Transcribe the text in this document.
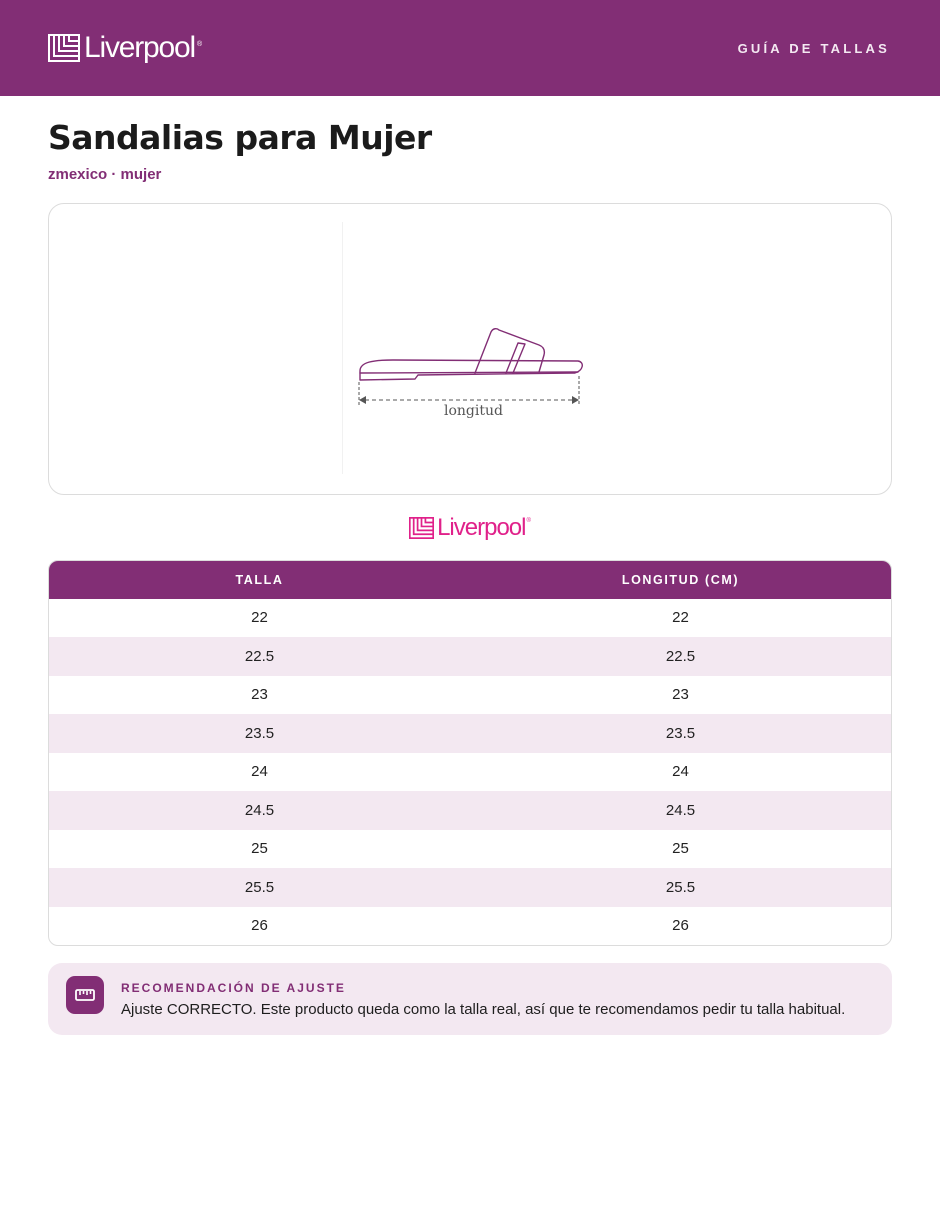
Liverpool ®	GUÍA DE TALLAS
Sandalias para Mujer
zmexico · mujer
longitud
Liverpool ®
TALLA	LONGITUD (CM)
22	22
22.5	22.5
23	23
23.5	23.5
24	24
24.5	24.5
25	25
25.5	25.5
26	26
RECOMENDACIÓN DE AJUSTE
Ajuste CORRECTO. Este producto queda como la talla real, así que te recomendamos pedir tu talla habitual.
